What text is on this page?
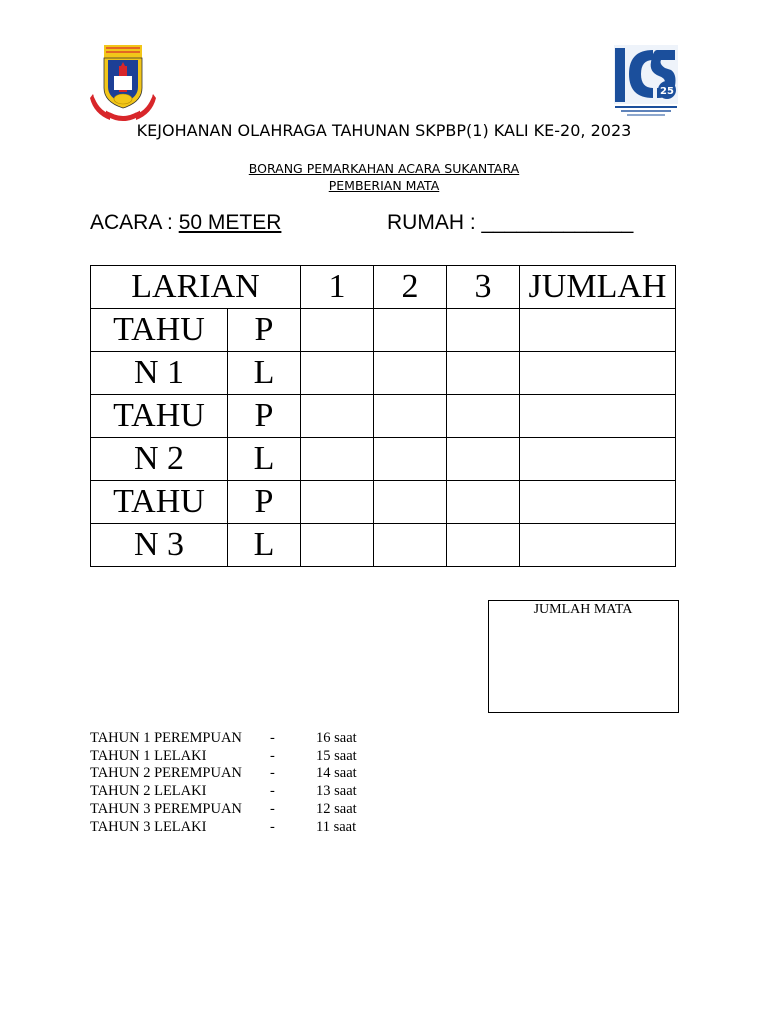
25
KEJOHANAN OLAHRAGA TAHUNAN SKPBP(1) KALI KE-20, 2023
BORANG PEMARKAHAN ACARA SUKANTARA
PEMBERIAN MATA
ACARA : 50 METER	RUMAH : _____________
LARIAN		1	2	3	JUMLAH
TAHU	P				
N 1	L				
TAHU	P				
N 2	L				
TAHU	P				
N 3	L				
JUMLAH MATA
TAHUN 1 PEREMPUAN -	16 saat
TAHUN 1 LELAKI	-	15 saat
TAHUN 2 PEREMPUAN -	14 saat
TAHUN 2 LELAKI	-	13 saat
TAHUN 3 PEREMPUAN -	12 saat
TAHUN 3 LELAKI	-	11 saat
